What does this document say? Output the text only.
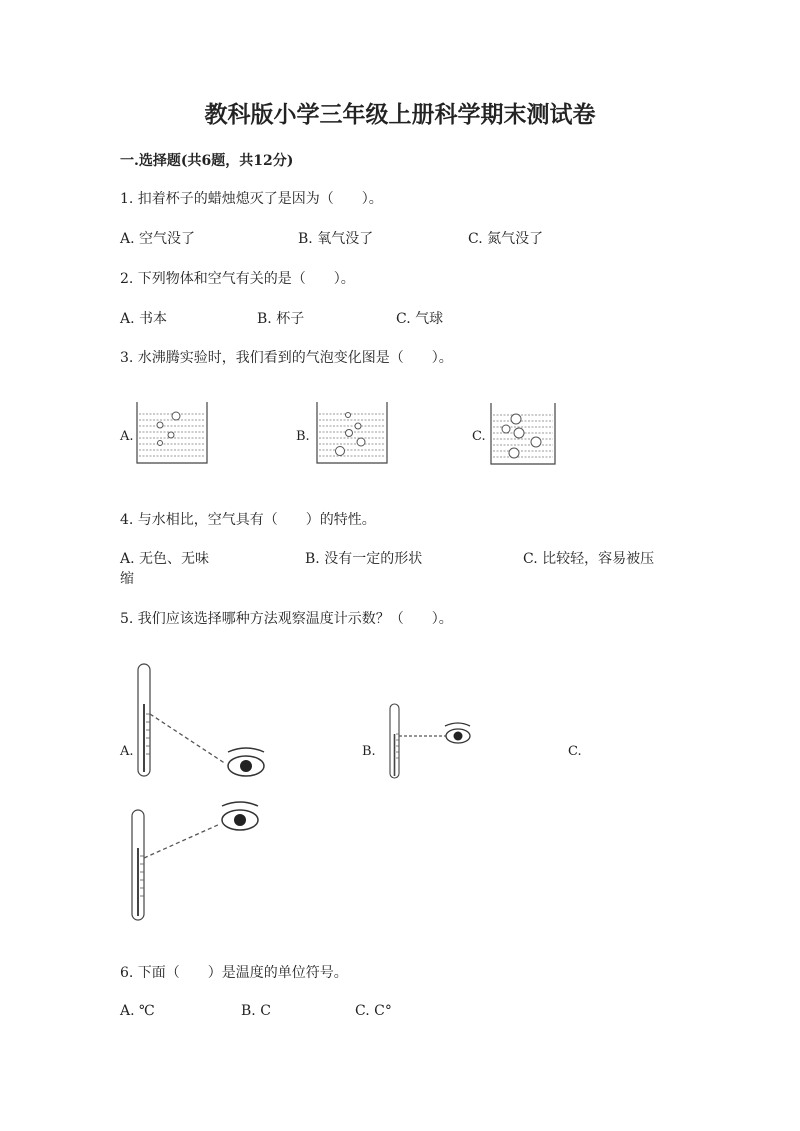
教科版小学三年级上册科学期末测试卷
一.选择题(共6题，共12分)
1. 扣着杯子的蜡烛熄灭了是因为（　　）。
A. 空气没了	B. 氧气没了	C. 氮气没了
2. 下列物体和空气有关的是（　　）。
A. 书本	B. 杯子	C. 气球
3. 水沸腾实验时，我们看到的气泡变化图是（　　）。
A.	B.	C.
4. 与水相比，空气具有（　　）的特性。
A. 无色、无味	B. 没有一定的形状	C. 比较轻，容易被压
缩
5. 我们应该选择哪种方法观察温度计示数？（　　）。
A.	B.	C.
6. 下面（　　）是温度的单位符号。
A. ℃	B. C	C. C°
